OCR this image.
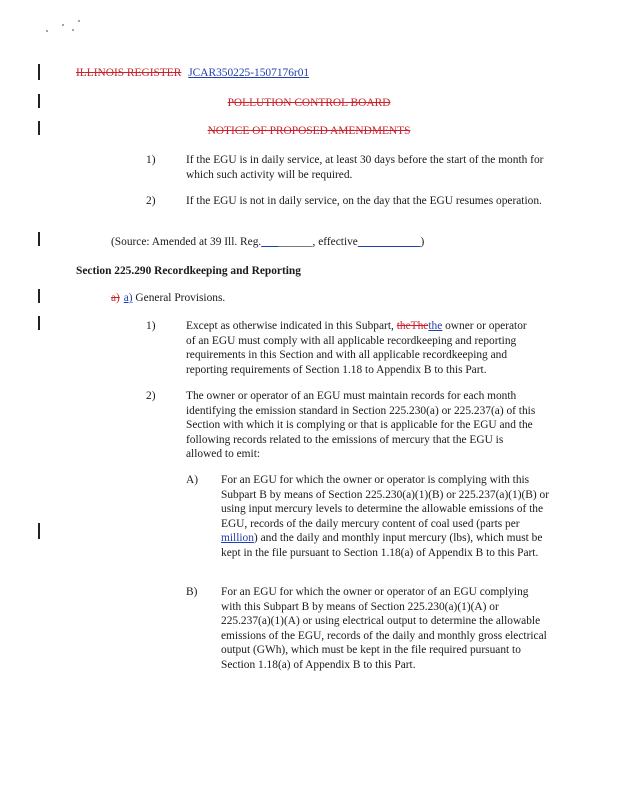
ILLINOIS REGISTER JCAR350225-1507176r01
POLLUTION CONTROL BOARD
NOTICE OF PROPOSED AMENDMENTS
1)	If the EGU is in daily service, at least 30 days before the start of the month for which such activity will be required.
2)	If the EGU is not in daily service, on the day that the EGU resumes operation.
(Source: Amended at 39 Ill. Reg._________, effective___________)
Section 225.290 Recordkeeping and Reporting
a) a) General Provisions.
1)	Except as otherwise indicated in this Subpart, theThethe owner or operator of an EGU must comply with all applicable recordkeeping and reporting requirements in this Section and with all applicable recordkeeping and reporting requirements of Section 1.18 to Appendix B to this Part.
2)	The owner or operator of an EGU must maintain records for each month identifying the emission standard in Section 225.230(a) or 225.237(a) of this Section with which it is complying or that is applicable for the EGU and the following records related to the emissions of mercury that the EGU is allowed to emit:
A) For an EGU for which the owner or operator is complying with this Subpart B by means of Section 225.230(a)(1)(B) or 225.237(a)(1)(B) or using input mercury levels to determine the allowable emissions of the EGU, records of the daily mercury content of coal used (parts per million) and the daily and monthly input mercury (lbs), which must be kept in the file pursuant to Section 1.18(a) of Appendix B to this Part.
B) For an EGU for which the owner or operator of an EGU complying with this Subpart B by means of Section 225.230(a)(1)(A) or 225.237(a)(1)(A) or using electrical output to determine the allowable emissions of the EGU, records of the daily and monthly gross electrical output (GWh), which must be kept in the file required pursuant to Section 1.18(a) of Appendix B to this Part.
